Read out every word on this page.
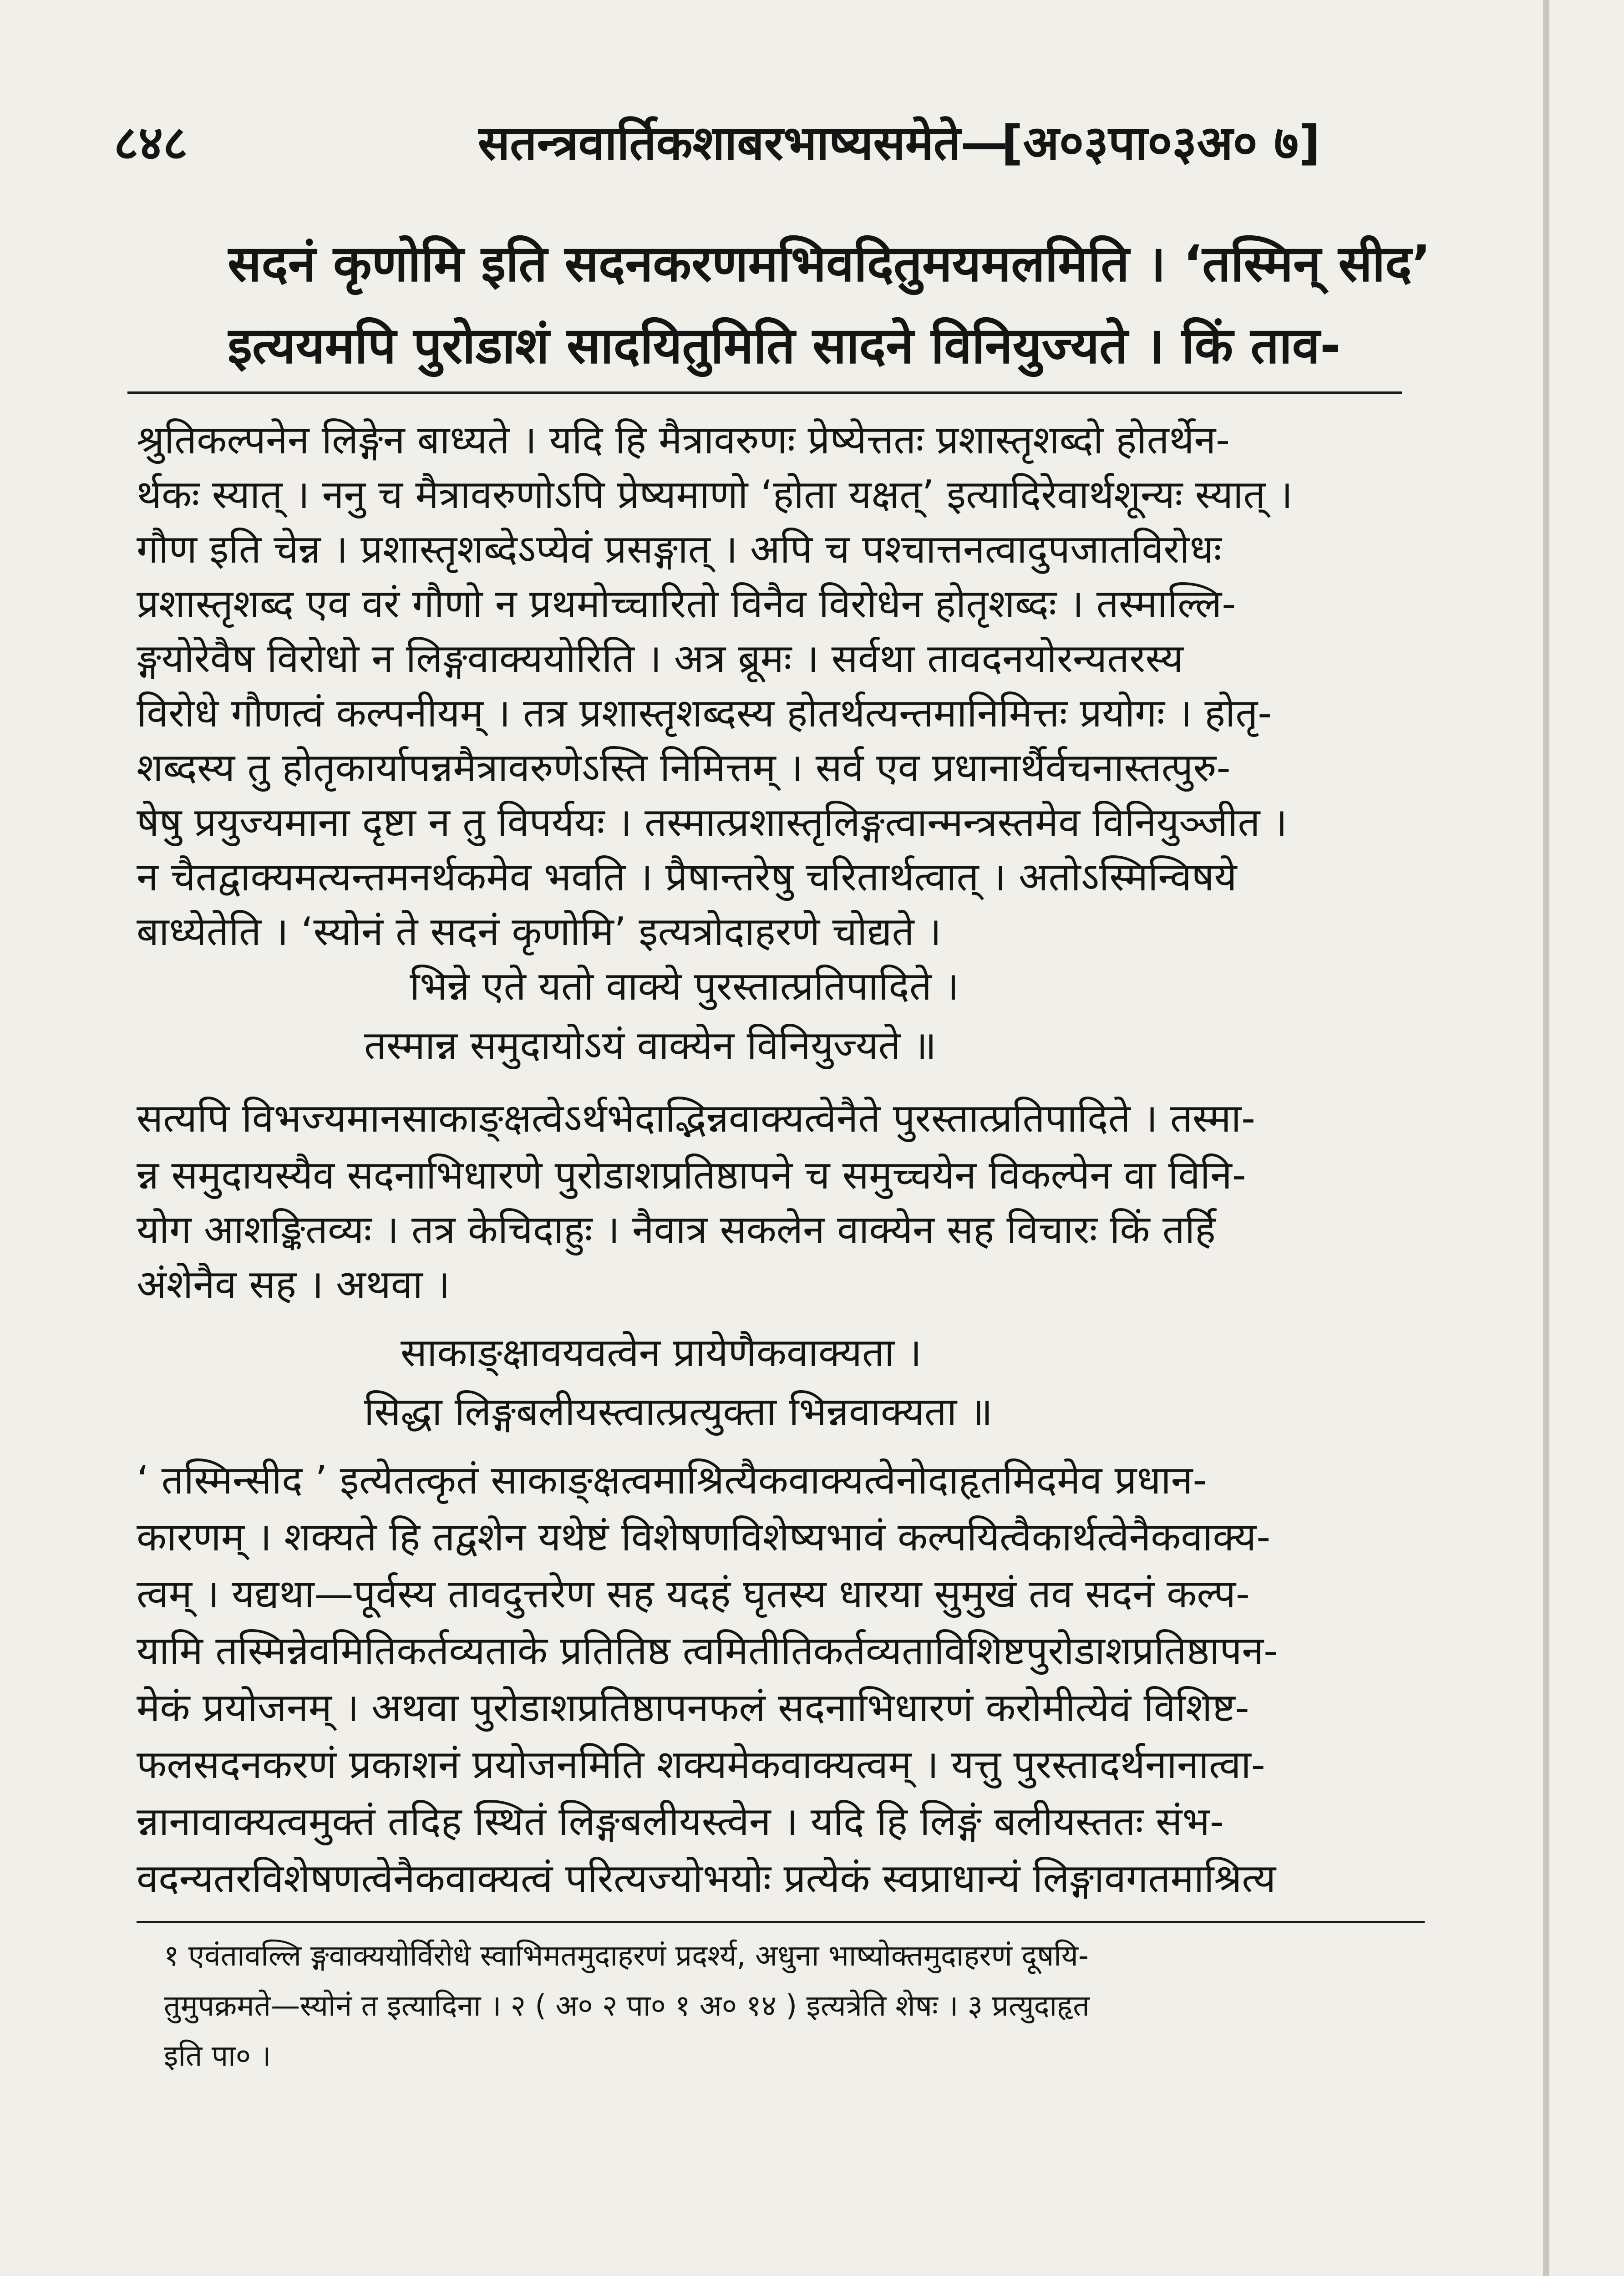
८४८	सतन्त्रवार्तिकशाबरभाष्यसमेते—
[अ०३पा०३अ० ७]
सदनं कृणोमि इति सदनकरणमभिवदितुमयमलमिति । ‘तस्मिन् सीद’
इत्ययमपि पुरोडाशं सादयितुमिति सादने विनियुज्यते । किं ताव-
श्रुतिकल्पनेन लिङ्गेन बाध्यते । यदि हि मैत्रावरुणः प्रेष्येत्ततः प्रशास्तृशब्दो होतर्थेन-
र्थकः स्यात् । ननु च मैत्रावरुणोऽपि प्रेष्यमाणो ‘होता यक्षत्’ इत्यादिरेवार्थशून्यः स्यात् ।
गौण इति चेन्न । प्रशास्तृशब्देऽप्येवं प्रसङ्गात् । अपि च पश्चात्तनत्वादुपजातविरोधः
प्रशास्तृशब्द एव वरं गौणो न प्रथमोच्चारितो विनैव विरोधेन होतृशब्दः । तस्माल्लि-
ङ्गयोरेवैष विरोधो न लिङ्गवाक्ययोरिति । अत्र ब्रूमः । सर्वथा तावदनयोरन्यतरस्य
विरोधे गौणत्वं कल्पनीयम् । तत्र प्रशास्तृशब्दस्य होतर्थत्यन्तमानिमित्तः प्रयोगः । होतृ-
शब्दस्य तु होतृकार्यापन्नमैत्रावरुणेऽस्ति निमित्तम् । सर्व एव प्रधानार्थैर्वचनास्तत्पुरु-
षेषु प्रयुज्यमाना दृष्टा न तु विपर्ययः । तस्मात्प्रशास्तृलिङ्गत्वान्मन्त्रस्तमेव विनियुञ्जीत ।
न चैतद्वाक्यमत्यन्तमनर्थकमेव भवति । प्रैषान्तरेषु चरितार्थत्वात् । अतोऽस्मिन्विषये
बाध्येतेति । ‘स्योनं ते सदनं कृणोमि’ इत्यत्रोदाहरणे चोद्यते ।
भिन्ने एते यतो वाक्ये पुरस्तात्प्रतिपादिते ।
तस्मान्न समुदायोऽयं वाक्येन विनियुज्यते ॥
सत्यपि विभज्यमानसाकाङ्क्षत्वेऽर्थभेदाद्भिन्नवाक्यत्वेनैते पुरस्तात्प्रतिपादिते । तस्मा-
न्न समुदायस्यैव सदनाभिधारणे पुरोडाशप्रतिष्ठापने च समुच्चयेन विकल्पेन वा विनि-
योग आशङ्कितव्यः । तत्र केचिदाहुः । नैवात्र सकलेन वाक्येन सह विचारः किं तर्हि
अंशेनैव सह । अथवा ।
साकाङ्क्षावयवत्वेन प्रायेणैकवाक्यता ।
सिद्धा लिङ्गबलीयस्त्वात्प्रत्युक्ता भिन्नवाक्यता ॥
‘ तस्मिन्सीद ’ इत्येतत्कृतं साकाङ्क्षत्वमाश्रित्यैकवाक्यत्वेनोदाहृतमिदमेव प्रधान-
कारणम् । शक्यते हि तद्वशेन यथेष्टं विशेषणविशेष्यभावं कल्पयित्वैकार्थत्वेनैकवाक्य-
त्वम् । यद्यथा—पूर्वस्य तावदुत्तरेण सह यदहं घृतस्य धारया सुमुखं तव सदनं कल्प-
यामि तस्मिन्नेवमितिकर्तव्यताके प्रतितिष्ठ त्वमितीतिकर्तव्यताविशिष्टपुरोडाशप्रतिष्ठापन-
मेकं प्रयोजनम् । अथवा पुरोडाशप्रतिष्ठापनफलं सदनाभिधारणं करोमीत्येवं विशिष्ट-
फलसदनकरणं प्रकाशनं प्रयोजनमिति शक्यमेकवाक्यत्वम् । यत्तु पुरस्तादर्थनानात्वा-
न्नानावाक्यत्वमुक्तं तदिह स्थितं लिङ्गबलीयस्त्वेन । यदि हि लिङ्गं बलीयस्ततः संभ-
वदन्यतरविशेषणत्वेनैकवाक्यत्वं परित्यज्योभयोः प्रत्येकं स्वप्राधान्यं लिङ्गावगतमाश्रित्य
१ एवंतावल्लि ङ्गवाक्ययोर्विरोधे स्वाभिमतमुदाहरणं प्रदर्श्य, अधुना भाष्योक्तमुदाहरणं दूषयि-
तुमुपक्रमते—स्योनं त इत्यादिना । २ ( अ० २ पा० १ अ० १४ ) इत्यत्रेति शेषः । ३ प्रत्युदाहृत
इति पा० ।
